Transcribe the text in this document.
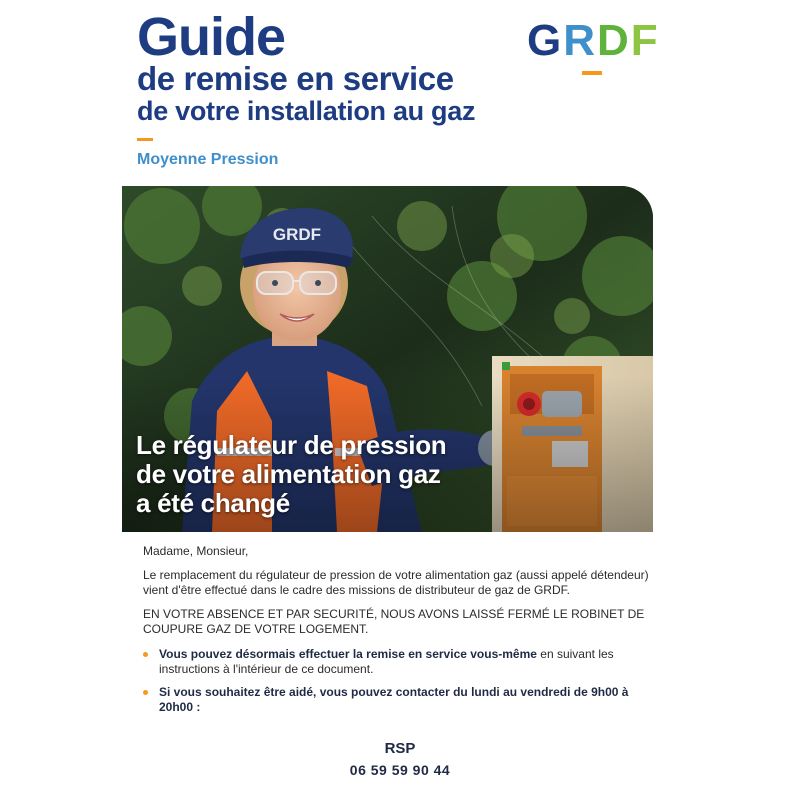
Guide
de remise en service
de votre installation au gaz
Moyenne Pression
GRDF
Le régulateur de pression
de votre alimentation gaz
a été changé

Madame, Monsieur,

Le remplacement du régulateur de pression de votre alimentation gaz (aussi appelé détendeur) vient d'être effectué dans le cadre des missions de distributeur de gaz de GRDF.

EN VOTRE ABSENCE ET PAR SECURITÉ, NOUS AVONS LAISSÉ FERMÉ LE ROBINET DE COUPURE GAZ DE VOTRE LOGEMENT.

Vous pouvez désormais effectuer la remise en service vous-même en suivant les instructions à l'intérieur de ce document.
Si vous souhaitez être aidé, vous pouvez contacter du lundi au vendredi de 9h00 à 20h00 :
RSP
06 59 59 90 44
